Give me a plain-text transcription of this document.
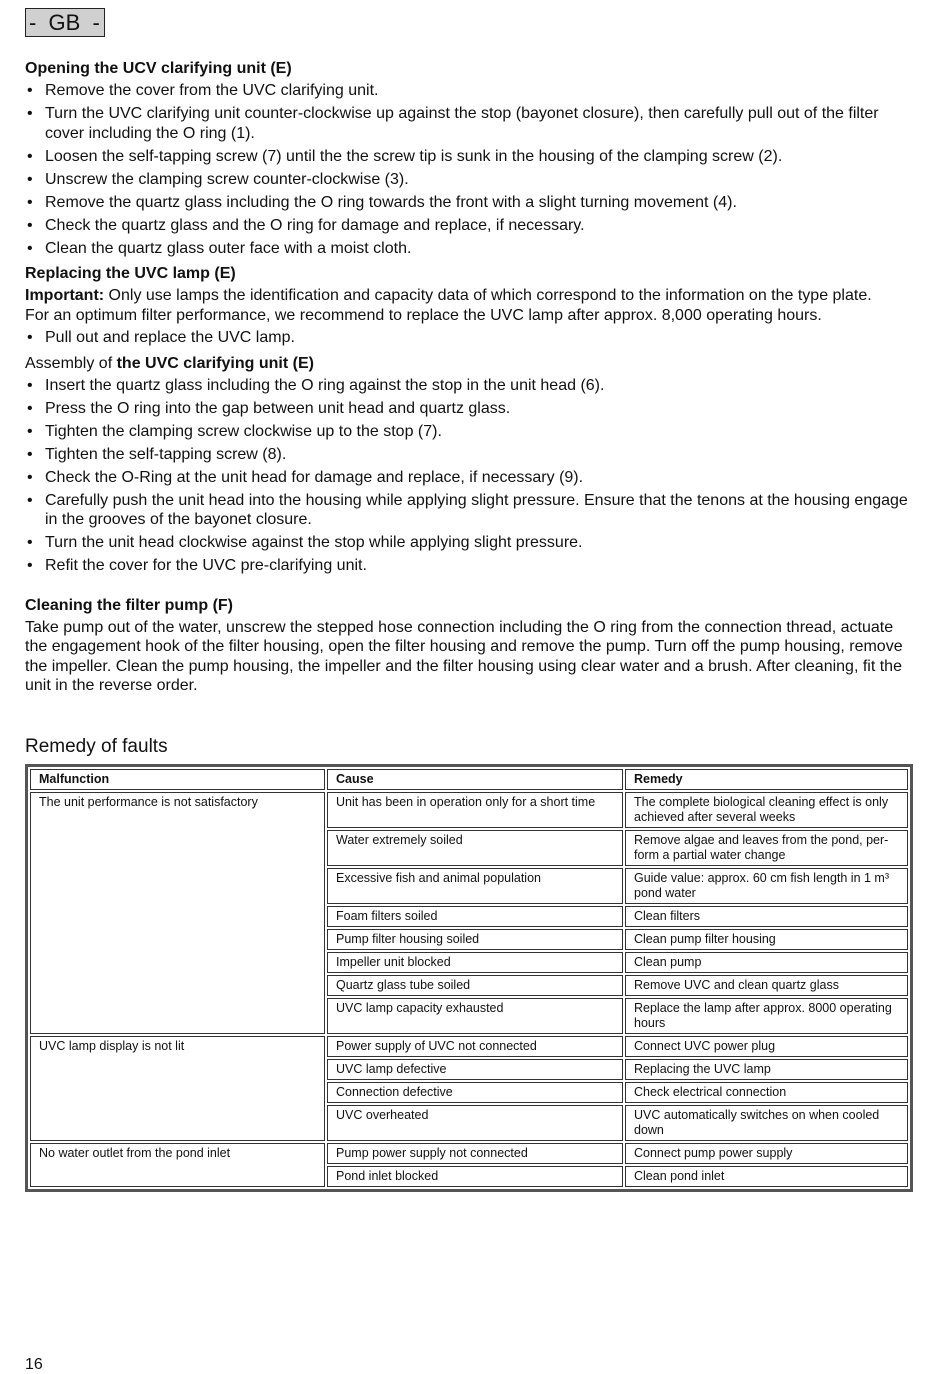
-  GB  -
Opening the UCV clarifying unit (E)
• Remove the cover from the UVC clarifying unit.
• Turn the UVC clarifying unit counter-clockwise up against the stop (bayonet closure), then carefully pull out of the filter cover including the O ring (1).
• Loosen the self-tapping screw (7) until the the screw tip is sunk in the housing of the clamping screw (2).
• Unscrew the clamping screw counter-clockwise (3).
• Remove the quartz glass including the O ring towards the front with a slight turning movement (4).
• Check the quartz glass and the O ring for damage and replace, if necessary.
• Clean the quartz glass outer face with a moist cloth.
Replacing the UVC lamp (E)

Important: Only use lamps the identification and capacity data of which correspond to the information on the type plate.

For an optimum filter performance, we recommend to replace the UVC lamp after approx. 8,000 operating hours.

• Pull out and replace the UVC lamp.
Assembly of the UVC clarifying unit (E)
• Insert the quartz glass including the O ring against the stop in the unit head (6).
• Press the O ring into the gap between unit head and quartz glass.
• Tighten the clamping screw clockwise up to the stop (7).
• Tighten the self-tapping screw (8).
• Check the O-Ring at the unit head for damage and replace, if necessary (9).
• Carefully push the unit head into the housing while applying slight pressure. Ensure that the tenons at the housing engage in the grooves of the bayonet closure.
• Turn the unit head clockwise against the stop while applying slight pressure.
• Refit the cover for the UVC pre-clarifying unit.
Cleaning the filter pump (F)

Take pump out of the water, unscrew the stepped hose connection including the O ring from the connection thread, actuate the engagement hook of the filter housing, open the filter housing and remove the pump. Turn off the pump housing, remove the impeller. Clean the pump housing, the impeller and the filter housing using clear water and a brush. After cleaning, fit the unit in the reverse order.

Remedy of faults
Malfunction	Cause	Remedy
The unit performance is not satisfactory	Unit has been in operation only for a short time	The complete biological cleaning effect is only achieved after several weeks
	Water extremely soiled	Remove algae and leaves from the pond, per-form a partial water change
	Excessive fish and animal population	Guide value: approx. 60 cm fish length in 1 m³ pond water
	Foam filters soiled	Clean filters
	Pump filter housing soiled	Clean pump filter housing
	Impeller unit blocked	Clean pump
	Quartz glass tube soiled	Remove UVC and clean quartz glass
	UVC lamp capacity exhausted	Replace the lamp after approx. 8000 operating hours
UVC lamp display is not lit	Power supply of UVC not connected	Connect UVC power plug
	UVC lamp defective	Replacing the UVC lamp
	Connection defective	Check electrical connection
	UVC overheated	UVC automatically switches on when cooled down
No water outlet from the pond inlet	Pump power supply not connected	Connect pump power supply
	Pond inlet blocked	Clean pond inlet
16
